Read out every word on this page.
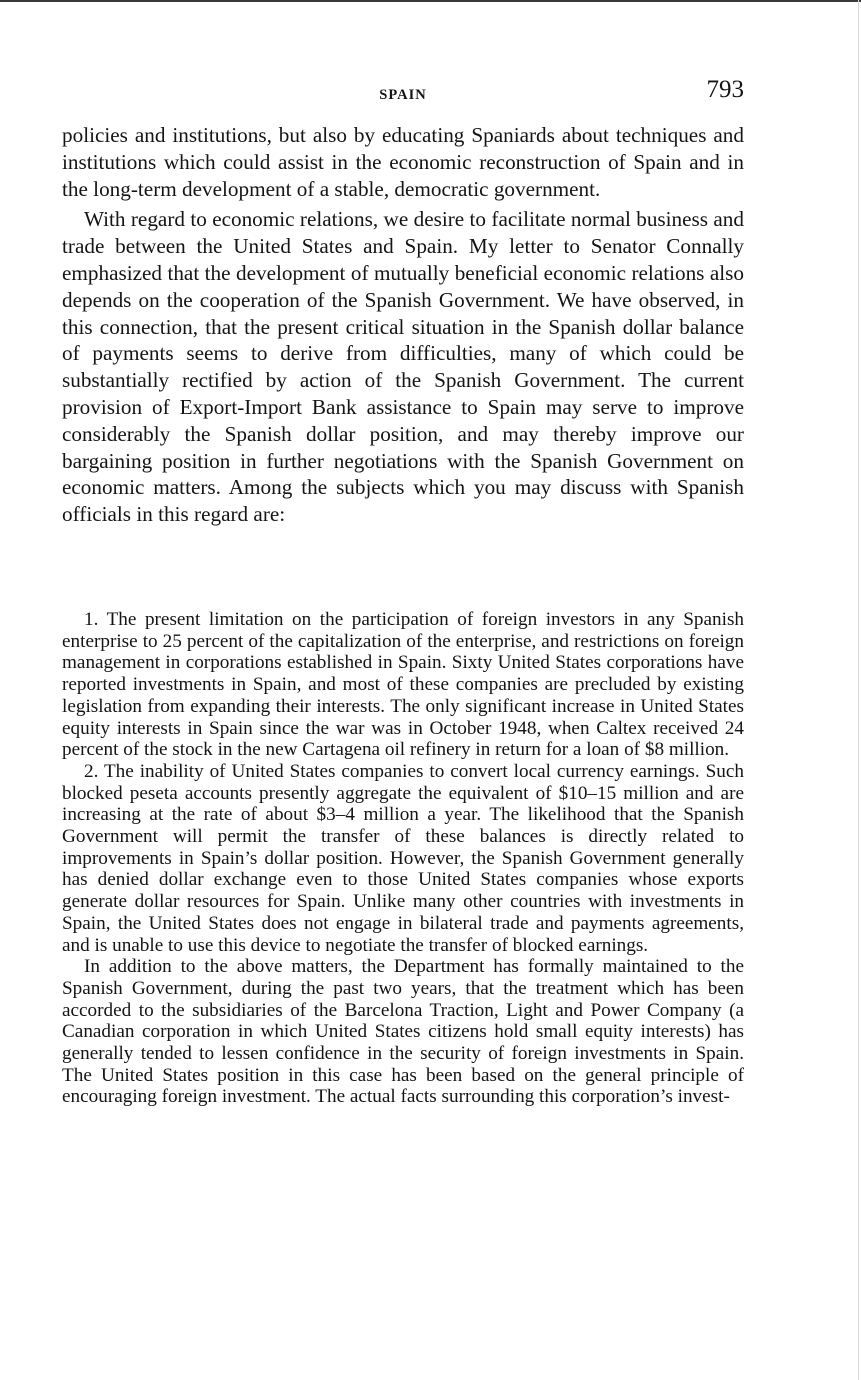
SPAIN	793

policies and institutions, but also by educating Spaniards about techniques and institutions which could assist in the economic reconstruction of Spain and in the long-term development of a stable, democratic government.

With regard to economic relations, we desire to facilitate normal business and trade between the United States and Spain. My letter to Senator Connally emphasized that the development of mutually beneficial economic relations also depends on the cooperation of the Spanish Government. We have observed, in this connection, that the present critical situation in the Spanish dollar balance of payments seems to derive from difficulties, many of which could be substantially rectified by action of the Spanish Government. The current provision of Export-Import Bank assistance to Spain may serve to improve considerably the Spanish dollar position, and may thereby improve our bargaining position in further negotiations with the Spanish Government on economic matters. Among the subjects which you may discuss with Spanish officials in this regard are:

1. The present limitation on the participation of foreign investors in any Spanish enterprise to 25 percent of the capitalization of the enterprise, and restrictions on foreign management in corporations established in Spain. Sixty United States corporations have reported investments in Spain, and most of these companies are precluded by existing legislation from expanding their interests. The only significant increase in United States equity interests in Spain since the war was in October 1948, when Caltex received 24 percent of the stock in the new Cartagena oil refinery in return for a loan of $8 million.

2. The inability of United States companies to convert local currency earnings. Such blocked peseta accounts presently aggregate the equivalent of $10–15 million and are increasing at the rate of about $3–4 million a year. The likelihood that the Spanish Government will permit the transfer of these balances is directly related to improvements in Spain’s dollar position. However, the Spanish Government generally has denied dollar exchange even to those United States companies whose exports generate dollar resources for Spain. Unlike many other countries with investments in Spain, the United States does not engage in bilateral trade and payments agreements, and is unable to use this device to negotiate the transfer of blocked earnings.

In addition to the above matters, the Department has formally maintained to the Spanish Government, during the past two years, that the treatment which has been accorded to the subsidiaries of the Barcelona Traction, Light and Power Company (a Canadian corporation in which United States citizens hold small equity interests) has generally tended to lessen confidence in the security of foreign investments in Spain. The United States position in this case has been based on the general principle of encouraging foreign investment. The actual facts surrounding this corporation’s invest-
